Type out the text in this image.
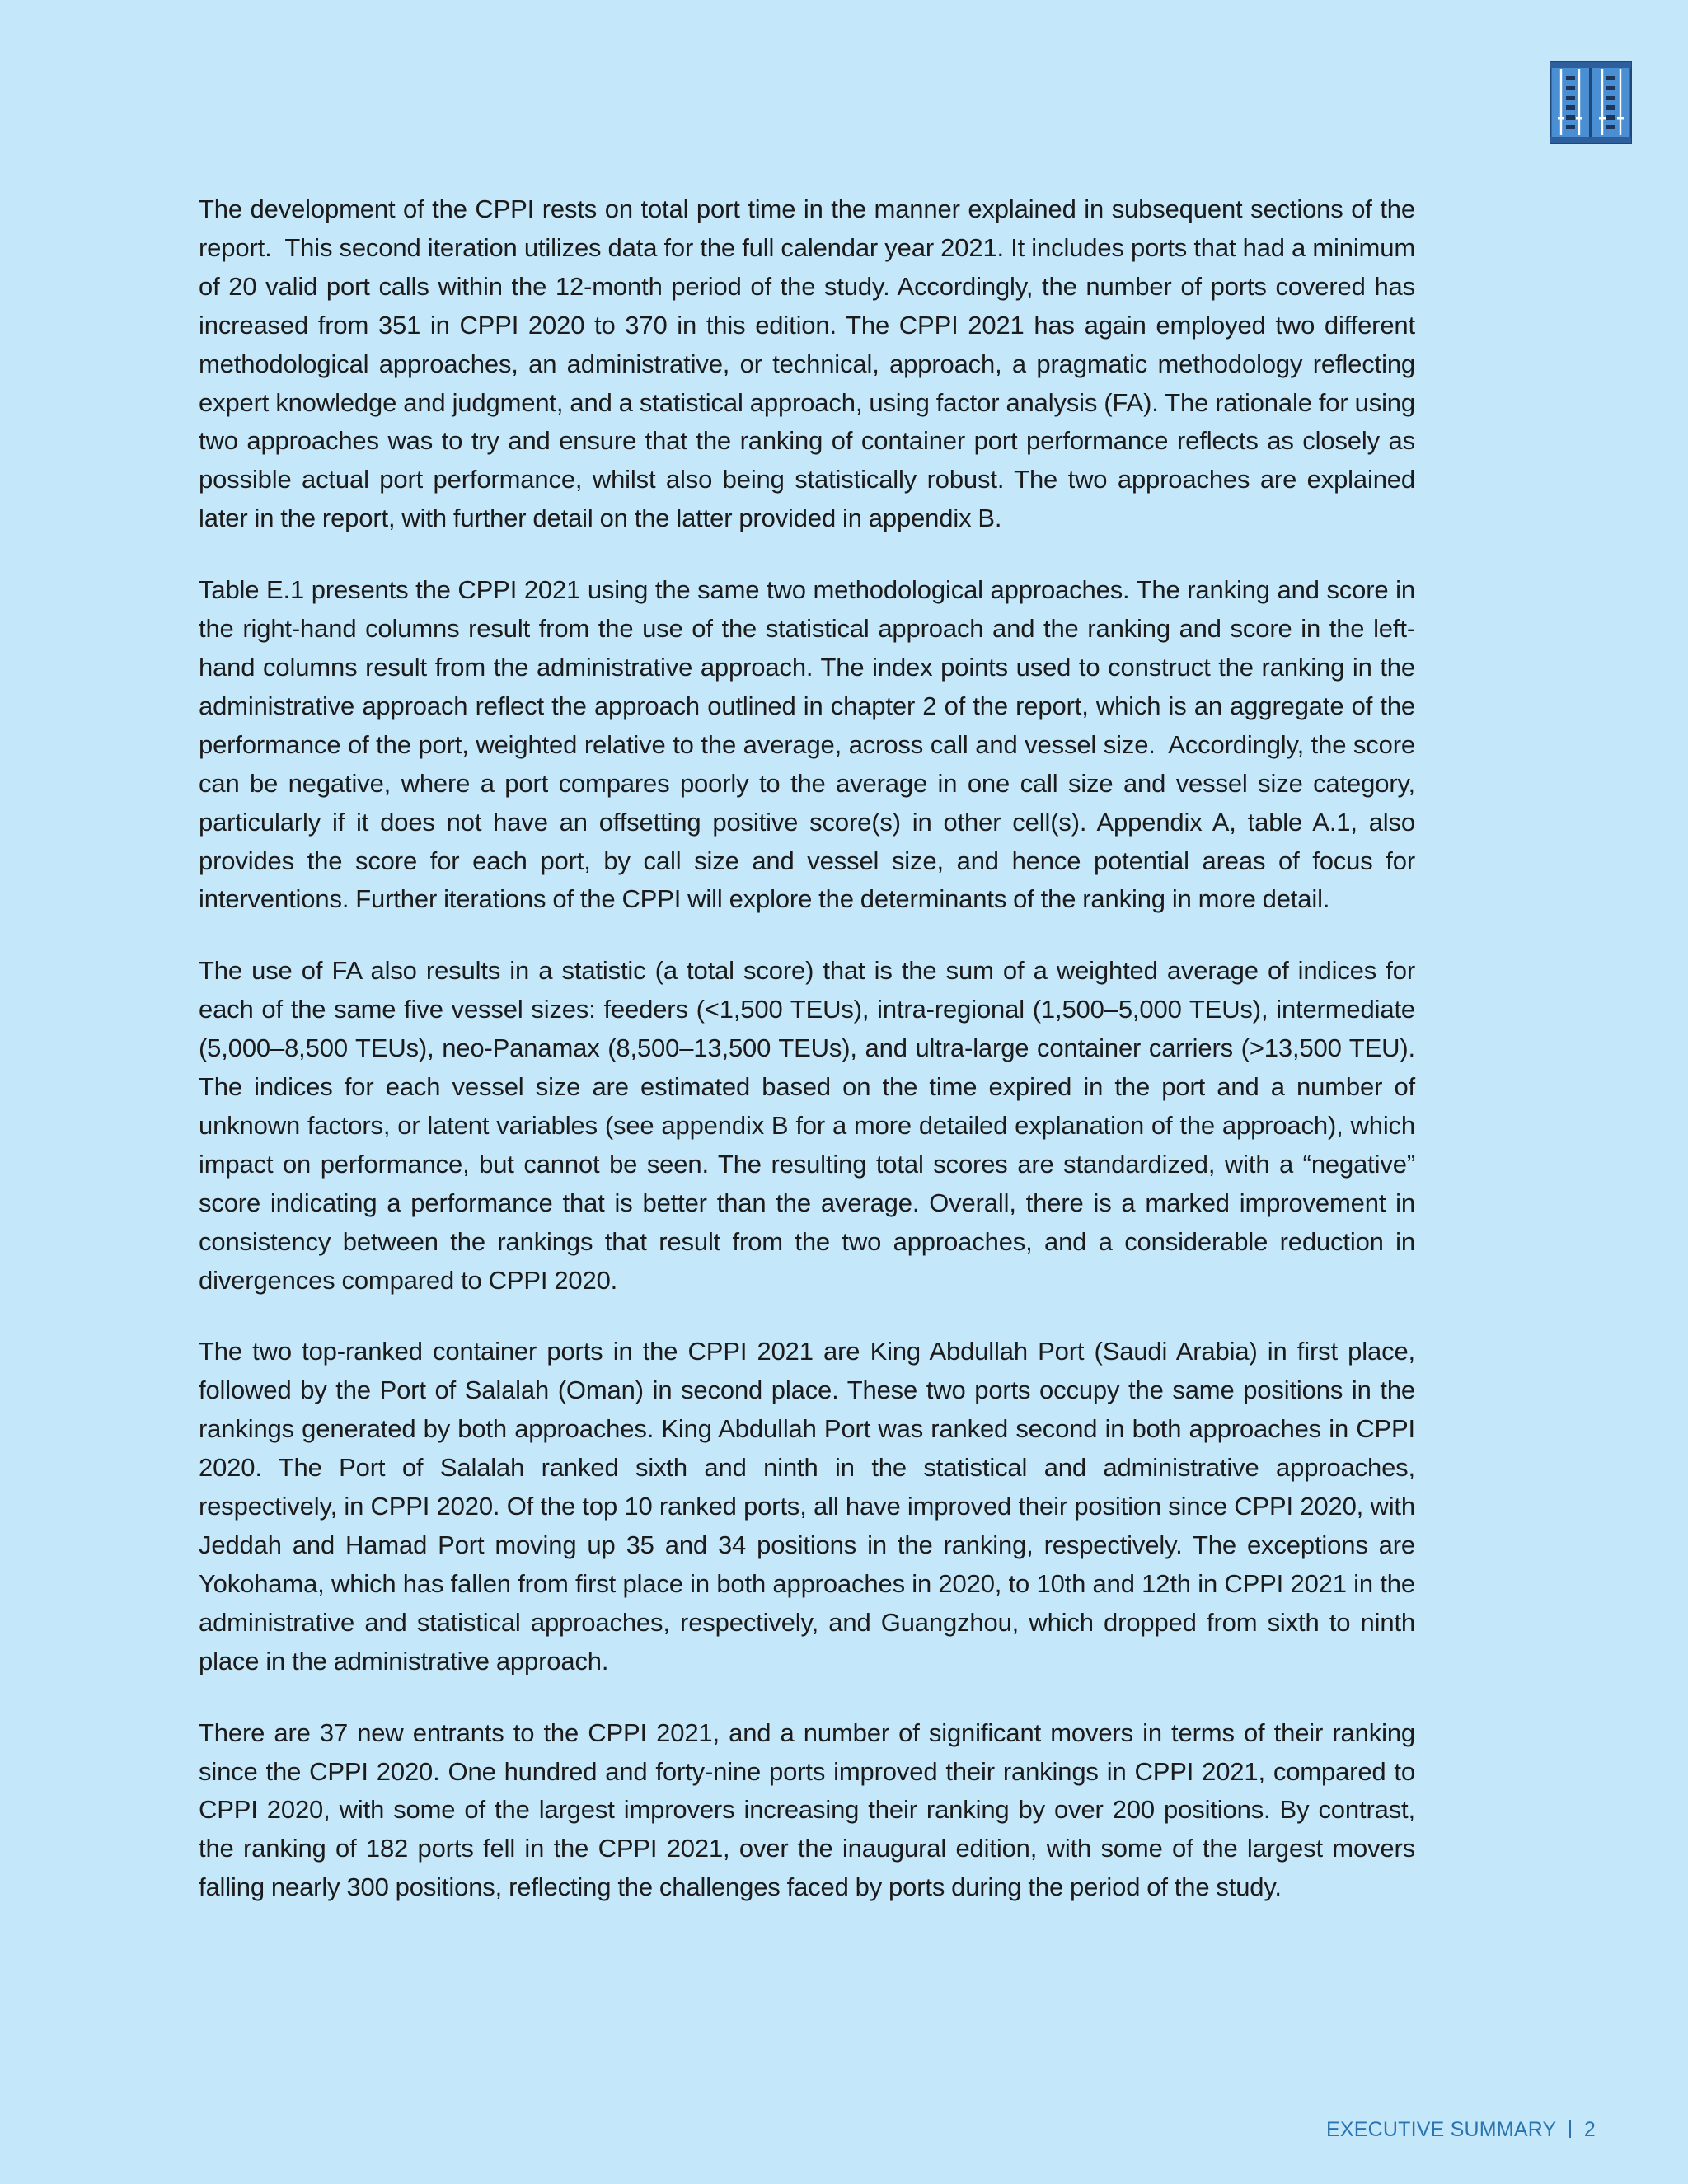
The development of the CPPI rests on total port time in the manner explained in subsequent sections of the report.  This second iteration utilizes data for the full calendar year 2021. It includes ports that had a minimum of 20 valid port calls within the 12-month period of the study. Accordingly, the number of ports covered has increased from 351 in CPPI 2020 to 370 in this edition. The CPPI 2021 has again employed two different methodological approaches, an administrative, or technical, approach, a pragmatic methodology reflecting expert knowledge and judgment, and a statistical approach, using factor analysis (FA). The rationale for using two approaches was to try and ensure that the ranking of container port performance reflects as closely as possible actual port performance, whilst also being statistically robust. The two approaches are explained later in the report, with further detail on the latter provided in appendix B.

Table E.1 presents the CPPI 2021 using the same two methodological approaches. The ranking and score in the right-hand columns result from the use of the statistical approach and the ranking and score in the left-hand columns result from the administrative approach. The index points used to construct the ranking in the administrative approach reflect the approach outlined in chapter 2 of the report, which is an aggregate of the performance of the port, weighted relative to the average, across call and vessel size.  Accordingly, the score can be negative, where a port compares poorly to the average in one call size and vessel size category, particularly if it does not have an offsetting positive score(s) in other cell(s). Appendix A, table A.1, also provides the score for each port, by call size and vessel size, and hence potential areas of focus for interventions. Further iterations of the CPPI will explore the determinants of the ranking in more detail.

The use of FA also results in a statistic (a total score) that is the sum of a weighted average of indices for each of the same five vessel sizes: feeders (<1,500 TEUs), intra-regional (1,500–5,000 TEUs), intermediate (5,000–8,500 TEUs), neo-Panamax (8,500–13,500 TEUs), and ultra-large container carriers (>13,500 TEU). The indices for each vessel size are estimated based on the time expired in the port and a number of unknown factors, or latent variables (see appendix B for a more detailed explanation of the approach), which impact on performance, but cannot be seen. The resulting total scores are standardized, with a “negative” score indicating a performance that is better than the average. Overall, there is a marked improvement in consistency between the rankings that result from the two approaches, and a considerable reduction in divergences compared to CPPI 2020.

The two top-ranked container ports in the CPPI 2021 are King Abdullah Port (Saudi Arabia) in first place, followed by the Port of Salalah (Oman) in second place. These two ports occupy the same positions in the rankings generated by both approaches. King Abdullah Port was ranked second in both approaches in CPPI 2020. The Port of Salalah ranked sixth and ninth in the statistical and administrative approaches, respectively, in CPPI 2020. Of the top 10 ranked ports, all have improved their position since CPPI 2020, with Jeddah and Hamad Port moving up 35 and 34 positions in the ranking, respectively. The exceptions are Yokohama, which has fallen from first place in both approaches in 2020, to 10th and 12th in CPPI 2021 in the administrative and statistical approaches, respectively, and Guangzhou, which dropped from sixth to ninth place in the administrative approach.

There are 37 new entrants to the CPPI 2021, and a number of significant movers in terms of their ranking since the CPPI 2020. One hundred and forty-nine ports improved their rankings in CPPI 2021, compared to CPPI 2020, with some of the largest improvers increasing their ranking by over 200 positions. By contrast, the ranking of 182 ports fell in the CPPI 2021, over the inaugural edition, with some of the largest movers falling nearly 300 positions, reflecting the challenges faced by ports during the period of the study.

EXECUTIVE SUMMARY 2
